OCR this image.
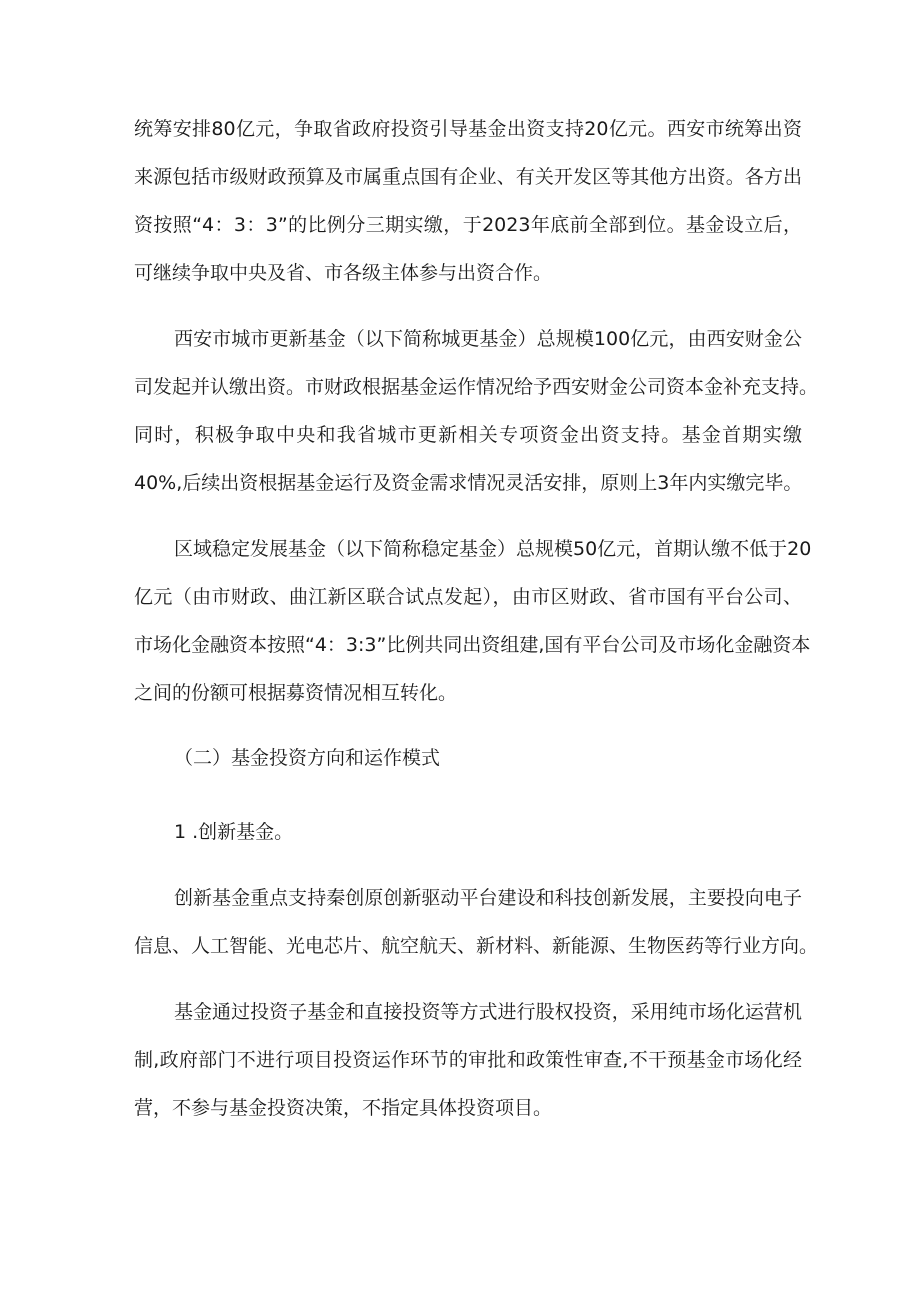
统筹安排80亿元，争取省政府投资引导基金出资支持20亿元。西安市统筹出资
来源包括市级财政预算及市属重点国有企业、有关开发区等其他方出资。各方出
资按照“4：3：3”的比例分三期实缴，于2023年底前全部到位。基金设立后，
可继续争取中央及省、市各级主体参与出资合作。
西安市城市更新基金（以下简称城更基金）总规模100亿元，由西安财金公
司发起并认缴出资。市财政根据基金运作情况给予西安财金公司资本金补充支持。
同时，积极争取中央和我省城市更新相关专项资金出资支持。基金首期实缴
40%,后续出资根据基金运行及资金需求情况灵活安排，原则上3年内实缴完毕。
区域稳定发展基金（以下简称稳定基金）总规模50亿元，首期认缴不低于20
亿元（由市财政、曲江新区联合试点发起），由市区财政、省市国有平台公司、
市场化金融资本按照“4：3:3”比例共同出资组建,国有平台公司及市场化金融资本
之间的份额可根据募资情况相互转化。
（二）基金投资方向和运作模式
1 .创新基金。
创新基金重点支持秦创原创新驱动平台建设和科技创新发展，主要投向电子
信息、人工智能、光电芯片、航空航天、新材料、新能源、生物医药等行业方向。
基金通过投资子基金和直接投资等方式进行股权投资，采用纯市场化运营机
制,政府部门不进行项目投资运作环节的审批和政策性审查,不干预基金市场化经
营，不参与基金投资决策，不指定具体投资项目。
